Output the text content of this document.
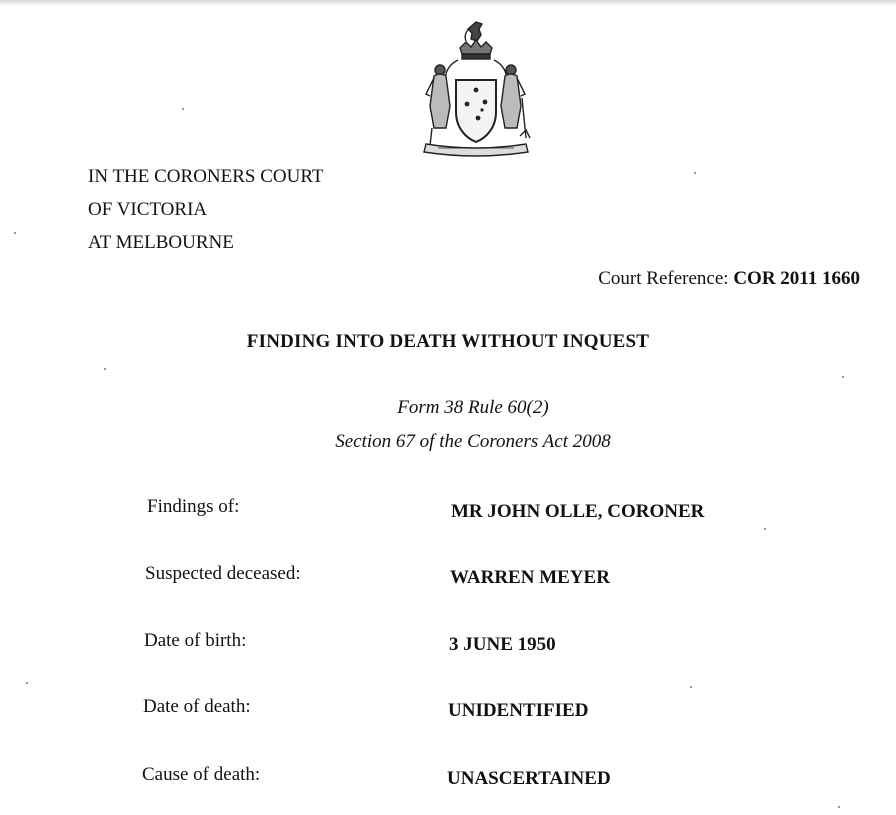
IN THE CORONERS COURT
OF VICTORIA
AT MELBOURNE
Court Reference: COR 2011 1660
FINDING INTO DEATH WITHOUT INQUEST
Form 38 Rule 60(2)
Section 67 of the Coroners Act 2008
Findings of:	MR JOHN OLLE, CORONER
Suspected deceased:	WARREN MEYER
Date of birth:	3 JUNE 1950
Date of death:	UNIDENTIFIED
Cause of death:	UNASCERTAINED
